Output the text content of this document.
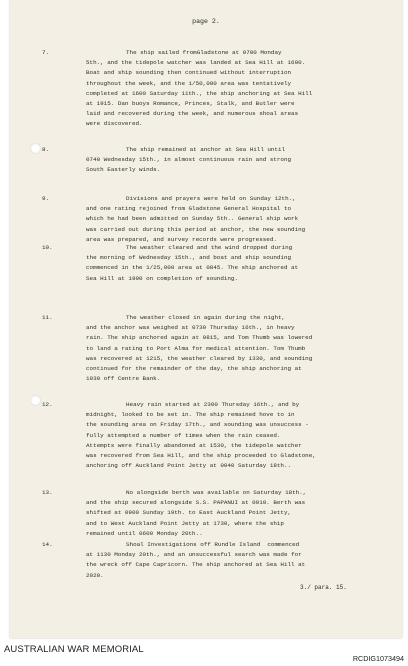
page 2.
7.	The ship sailed fromGladstone at 0700 Monday
5th., and the tidepole watcher was landed at Sea Hill at 1600.
Boat and ship sounding then continued without interruption
throughout the week, and the 1/50,000 area was tentatively
completed at 1600 Saturday 11th., the ship anchoring at Sea Hill
at 1915. Dan buoys Romance, Princes, Stalk, and Butler were
laid and recovered during the week, and numerous shoal areas
were discovered.
8.	The ship remained at anchor at Sea Hill until
0740 Wednesday 15th., in almost continuous rain and strong
South Easterly winds.
9.	Divisions and prayers were held on Sunday 12th.,
and one rating rejoined from Gladstone General Hospital to
which he had been admitted on Sunday 5th.. General ship work
was carried out during this period at anchor, the new sounding
area was prepared, and survey records were progressed.
10.	The weather cleared and the wind dropped during
the morning of Wednesday 15th., and boat and ship sounding
commenced in the 1/25,000 area at 0845. The ship anchored at
Sea Hill at 1900 on completion of sounding.
11.	The weather closed in again during the night,
and the anchor was weighed at 0730 Thursday 16th., in heavy
rain. The ship anchored again at 0815, and Tom Thumb was lowered
to land a rating to Port Alma for medical attention. Tom Thumb
was recovered at 1215, the weather cleared by 1330, and sounding
continued for the remainder of the day, the ship anchoring at
1930 off Centre Bank.
12.	Heavy rain started at 2300 Thursday 16th., and by
midnight, looked to be set in. The ship remained hove to in
the sounding area on Friday 17th., and sounding was unsuccess -
fully attempted a number of times when the rain ceased.
Attempts were finally abandoned at 1530, the tidepole watcher
was recovered from Sea Hill, and the ship proceeded to Gladstone,
anchoring off Auckland Point Jetty at 0040 Saturday 18th..
13.	No alongside berth was available on Saturday 18th.,
and the ship secured alongside S.S. PAPANUI at 0910. Berth was
shifted at 0900 Sunday 19th. to East Auckland Point Jetty,
and to West Auckland Point Jetty at 1730, where the ship
remained until 0600 Monday 20th..
14.	Shoal Investigations off Rundle Island  commenced
at 1130 Monday 20th., and an unsuccessful search was made for
the wreck off Cape Capricorn. The ship anchored at Sea Hill at
2020.
3./ para. 15.
AUSTRALIAN WAR MEMORIAL
RCDIG1073494
